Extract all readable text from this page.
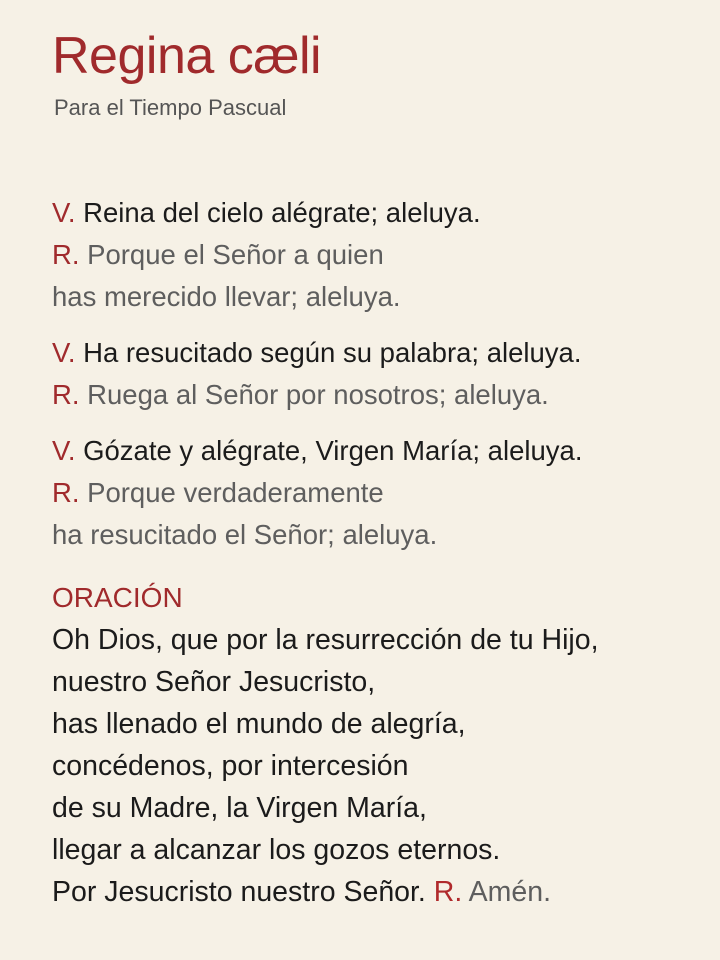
Regina cæli
Para el Tiempo Pascual
V. Reina del cielo alégrate; aleluya.
R. Porque el Señor a quien
has merecido llevar; aleluya.
V. Ha resucitado según su palabra; aleluya.
R. Ruega al Señor por nosotros; aleluya.
V. Gózate y alégrate, Virgen María; aleluya.
R. Porque verdaderamente
ha resucitado el Señor; aleluya.
ORACIÓN
Oh Dios, que por la resurrección de tu Hijo,
nuestro Señor Jesucristo,
has llenado el mundo de alegría,
concédenos, por intercesión
de su Madre, la Virgen María,
llegar a alcanzar los gozos eternos.
Por Jesucristo nuestro Señor. R. Amén.
